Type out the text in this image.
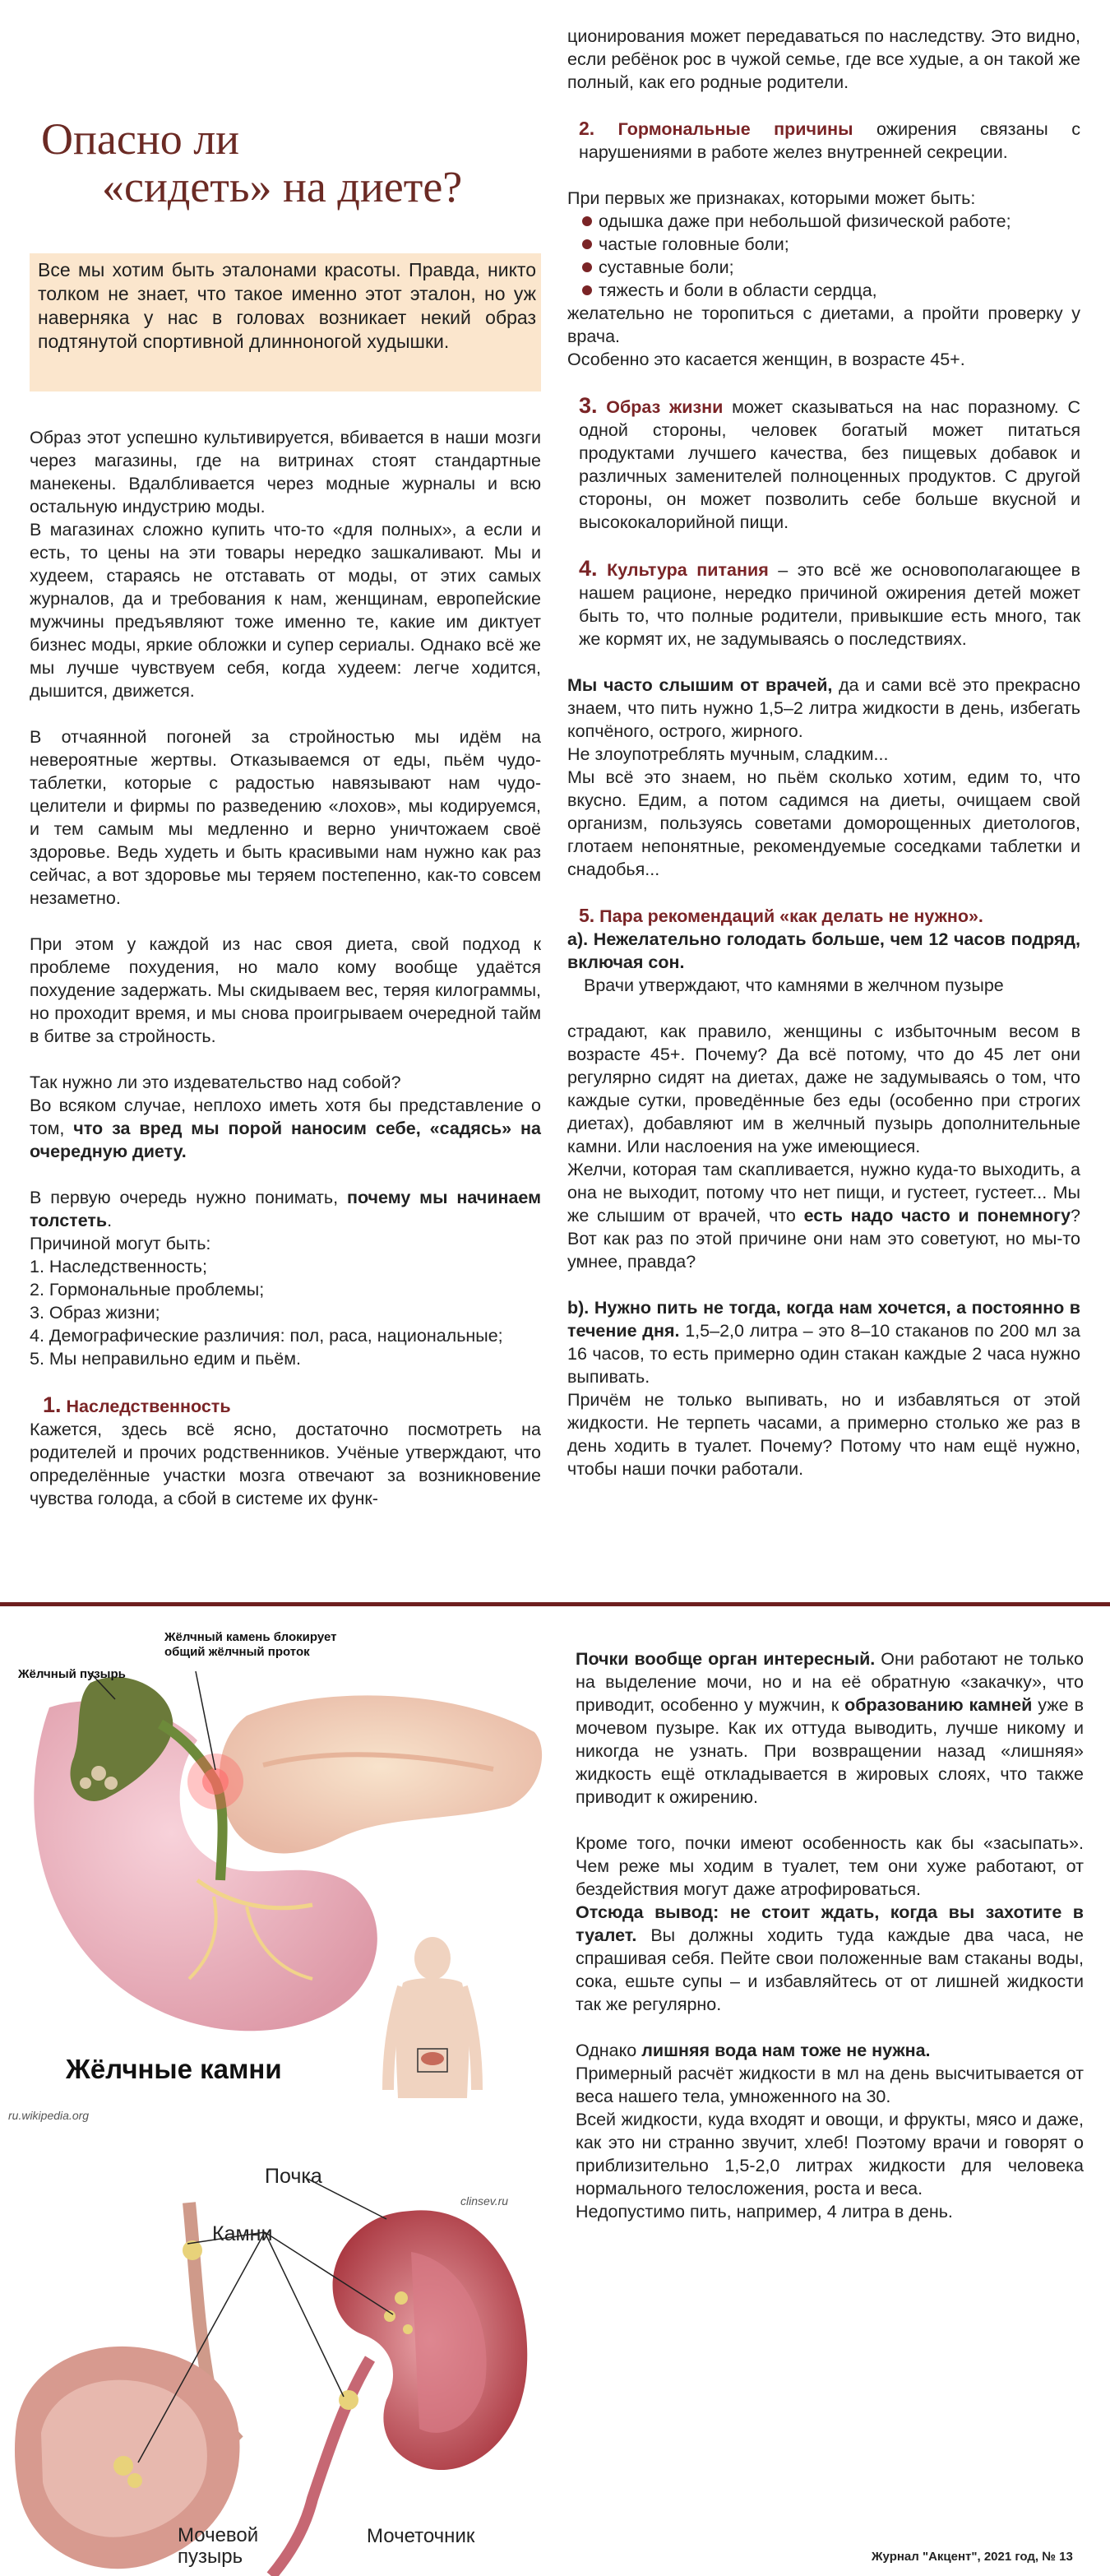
Опасно ли
«сидеть» на диете?

Все мы хотим быть эталонами красоты. Правда, никто толком не знает, что такое именно этот эталон, но уж наверняка у нас в головах возникает некий образ подтянутой спортивной длинноногой худышки.

Образ этот успешно культивируется, вбивается в наши мозги через магазины, где на витринах стоят стандартные манекены. Вдалбливается через модные журналы и всю остальную индустрию моды.
В магазинах сложно купить что-то «для полных», а если и есть, то цены на эти товары нередко зашкаливают. Мы и худеем, стараясь не отставать от моды, от этих самых журналов, да и требования к нам, женщинам, европейские мужчины предъявляют тоже именно те, какие им диктует бизнес моды, яркие обложки и супер сериалы. Однако всё же мы лучше чувствуем себя, когда худеем: легче ходится, дышится, движется.

В отчаянной погоней за стройностью мы идём на невероятные жертвы. Отказываемся от еды, пьём чудо-таблетки, которые с радостью навязывают нам чудо-целители и фирмы по разведению «лохов», мы кодируемся, и тем самым мы медленно и верно уничтожаем своё здоровье. Ведь худеть и быть красивыми нам нужно как раз сейчас, а вот здоровье мы теряем постепенно, как-то совсем незаметно.

При этом у каждой из нас своя диета, свой подход к проблеме похудения, но мало кому вообще удаётся похудение задержать. Мы скидываем вес, теряя килограммы, но проходит время, и мы снова проигрываем очередной тайм в битве за стройность.

Так нужно ли это издевательство над собой?
Во всяком случае, неплохо иметь хотя бы представление о том, что за вред мы порой наносим себе, «садясь» на очередную диету.

В первую очередь нужно понимать, почему мы начинаем толстеть.

Причиной могут быть:

1. Наследственность;

2. Гормональные проблемы;

3. Образ жизни;

4. Демографические различия: пол, раса, национальные;

5. Мы неправильно едим и пьём.

1. Наследственность

Кажется, здесь всё ясно, достаточно посмотреть на родителей и прочих родственников. Учёные утверждают, что определённые участки мозга отвечают за возникновение чувства голода, а сбой в системе их функ-

ционирования может передаваться по наследству. Это видно, если ребёнок рос в чужой семье, где все худые, а он такой же полный, как его родные родители.

2. Гормональные причины ожирения связаны с нарушениями в работе желез внутренней секреции.

При первых же признаках, которыми может быть:

одышка даже при небольшой физической работе;
частые головные боли;
суставные боли;
тяжесть и боли в области сердца,

желательно не торопиться с диетами, а пройти проверку у врача.

Особенно это касается женщин, в возрасте 45+.

3. Образ жизни может сказываться на нас поразному. С одной стороны, человек богатый может питаться продуктами лучшего качества, без пищевых добавок и различных заменителей полноценных продуктов. С другой стороны, он может позволить себе больше вкусной и высококалорийной пищи.

4. Культура питания – это всё же основополагающее в нашем рационе, нередко причиной ожирения детей может быть то, что полные родители, привыкшие есть много, так же кормят их, не задумываясь о последствиях.

Мы часто слышим от врачей, да и сами всё это прекрасно знаем, что пить нужно 1,5–2 литра жидкости в день, избегать копчёного, острого, жирного.

Не злоупотреблять мучным, сладким...

Мы всё это знаем, но пьём сколько хотим, едим то, что вкусно. Едим, а потом садимся на диеты, очищаем свой организм, пользуясь советами доморощенных диетологов, глотаем непонятные, рекомендуемые соседками таблетки и снадобья...

5. Пара рекомендаций «как делать не нужно».

а). Нежелательно голодать больше, чем 12 часов подряд, включая сон.

Врачи утверждают, что камнями в желчном пузыре

страдают, как правило, женщины с избыточным весом в возрасте 45+. Почему? Да всё потому, что до 45 лет они регулярно сидят на диетах, даже не задумываясь о том, что каждые сутки, проведённые без еды (особенно при строгих диетах), добавляют им в желчный пузырь дополнительные камни. Или наслоения на уже имеющиеся.

Желчи, которая там скапливается, нужно куда-то выходить, а она не выходит, потому что нет пищи, и густеет, густеет... Мы же слышим от врачей, что есть надо часто и понемногу? Вот как раз по этой причине они нам это советуют, но мы-то умнее, правда?

b). Нужно пить не тогда, когда нам хочется, а постоянно в течение дня. 1,5–2,0 литра – это 8–10 стаканов по 200 мл за 16 часов, то есть примерно один стакан каждые 2 часа нужно выпивать.

Причём не только выпивать, но и избавляться от этой жидкости. Не терпеть часами, а примерно столько же раз в день ходить в туалет. Почему? Потому что нам ещё нужно, чтобы наши почки работали.

Жёлчный камень блокирует
общий жёлчный проток
Жёлчный пузырь
Жёлчные камни
ru.wikipedia.org
Почка
Камни
clinsev.ru
Мочевой
пузырь
Мочеточник

Почки вообще орган интересный. Они работают не только на выделение мочи, но и на её обратную «закачку», что приводит, особенно у мужчин, к образованию камней уже в мочевом пузыре. Как их оттуда выводить, лучше никому и никогда не узнать. При возвращении назад «лишняя» жидкость ещё откладывается в жировых слоях, что также приводит к ожирению.

Кроме того, почки имеют особенность как бы «засыпать». Чем реже мы ходим в туалет, тем они хуже работают, от бездействия могут даже атрофироваться.

Отсюда вывод: не стоит ждать, когда вы захотите в туалет. Вы должны ходить туда каждые два часа, не спрашивая себя. Пейте свои положенные вам стаканы воды, сока, ешьте супы – и избавляйтесь от от лишней жидкости так же регулярно.

Однако лишняя вода нам тоже не нужна.

Примерный расчёт жидкости в мл на день высчитывается от веса нашего тела, умноженного на 30.

Всей жидкости, куда входят и овощи, и фрукты, мясо и даже, как это ни странно звучит, хлеб! Поэтому врачи и говорят о приблизительно 1,5-2,0 литрах жидкости для человека нормального телосложения, роста и веса.

Недопустимо пить, например, 4 литра в день.

Журнал "Акцент", 2021 год, № 13
